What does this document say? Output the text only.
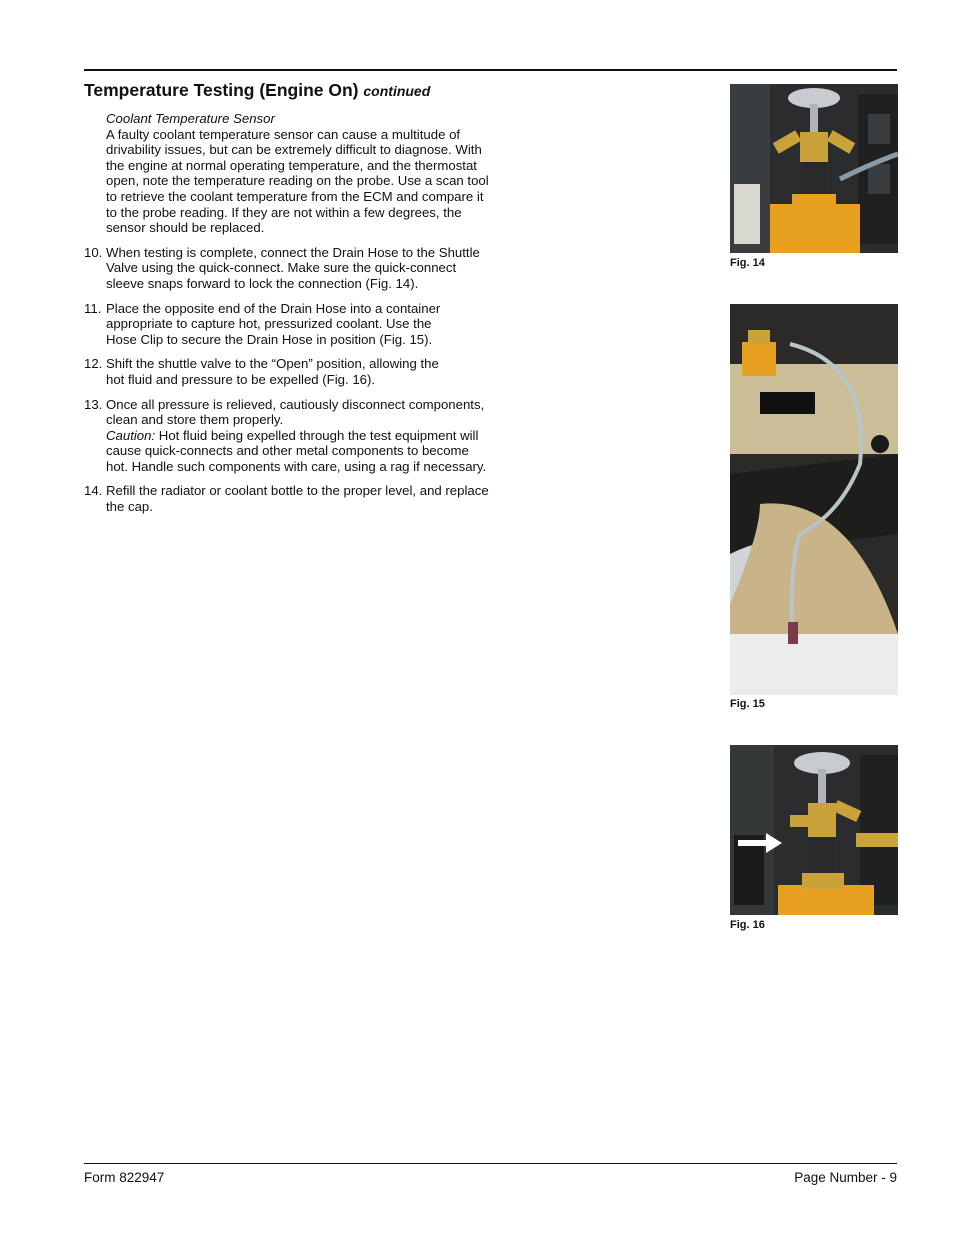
Temperature Testing (Engine On) continued
Coolant Temperature Sensor
A faulty coolant temperature sensor can cause a multitude of
drivability issues, but can be extremely difficult to diagnose. With
the engine at normal operating temperature, and the thermostat
open, note the temperature reading on the probe. Use a scan tool
to retrieve the coolant temperature from the ECM and compare it
to the probe reading. If they are not within a few degrees, the
sensor should be replaced.
10. When testing is complete, connect the Drain Hose to the Shuttle

Valve using the quick-connect. Make sure the quick-connect

sleeve snaps forward to lock the connection (Fig. 14).

11. Place the opposite end of the Drain Hose into a container

appropriate to capture hot, pressurized coolant. Use the

Hose Clip to secure the Drain Hose in position (Fig. 15).

12. Shift the shuttle valve to the “Open” position, allowing the

hot fluid and pressure to be expelled (Fig. 16).

13. Once all pressure is relieved, cautiously disconnect components,

clean and store them properly.

Caution: Hot fluid being expelled through the test equipment will

cause quick-connects and other metal components to become

hot. Handle such components with care, using a rag if necessary.

14. Refill the radiator or coolant bottle to the proper level, and replace

the cap.

Fig. 14
Fig. 15
Fig. 16
Form 822947	Page Number - 9
